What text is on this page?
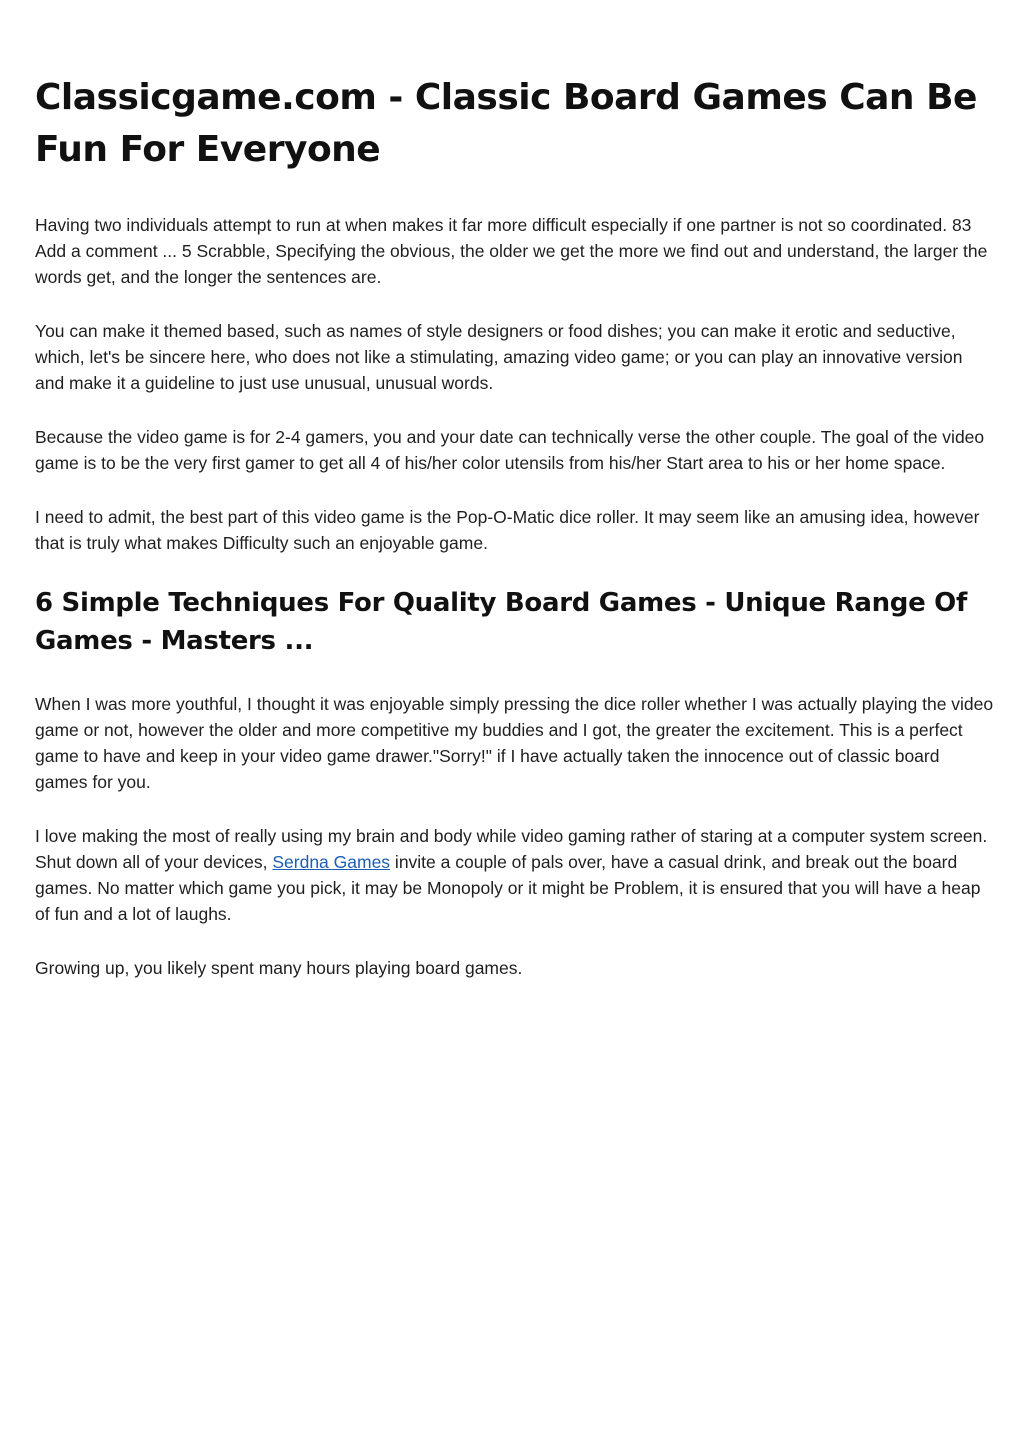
Classicgame.com - Classic Board Games Can Be Fun For Everyone

Having two individuals attempt to run at when makes it far more difficult especially if one partner is not so coordinated. 83 Add a comment ... 5 Scrabble, Specifying the obvious, the older we get the more we find out and understand, the larger the words get, and the longer the sentences are.

You can make it themed based, such as names of style designers or food dishes; you can make it erotic and seductive, which, let's be sincere here, who does not like a stimulating, amazing video game; or you can play an innovative version and make it a guideline to just use unusual, unusual words.

Because the video game is for 2-4 gamers, you and your date can technically verse the other couple. The goal of the video game is to be the very first gamer to get all 4 of his/her color utensils from his/her Start area to his or her home space.

I need to admit, the best part of this video game is the Pop-O-Matic dice roller. It may seem like an amusing idea, however that is truly what makes Difficulty such an enjoyable game.

6 Simple Techniques For Quality Board Games - Unique Range Of Games - Masters ...

When I was more youthful, I thought it was enjoyable simply pressing the dice roller whether I was actually playing the video game or not, however the older and more competitive my buddies and I got, the greater the excitement. This is a perfect game to have and keep in your video game drawer."Sorry!" if I have actually taken the innocence out of classic board games for you.

I love making the most of really using my brain and body while video gaming rather of staring at a computer system screen. Shut down all of your devices, Serdna Games invite a couple of pals over, have a casual drink, and break out the board games. No matter which game you pick, it may be Monopoly or it might be Problem, it is ensured that you will have a heap of fun and a lot of laughs.

Growing up, you likely spent many hours playing board games.
